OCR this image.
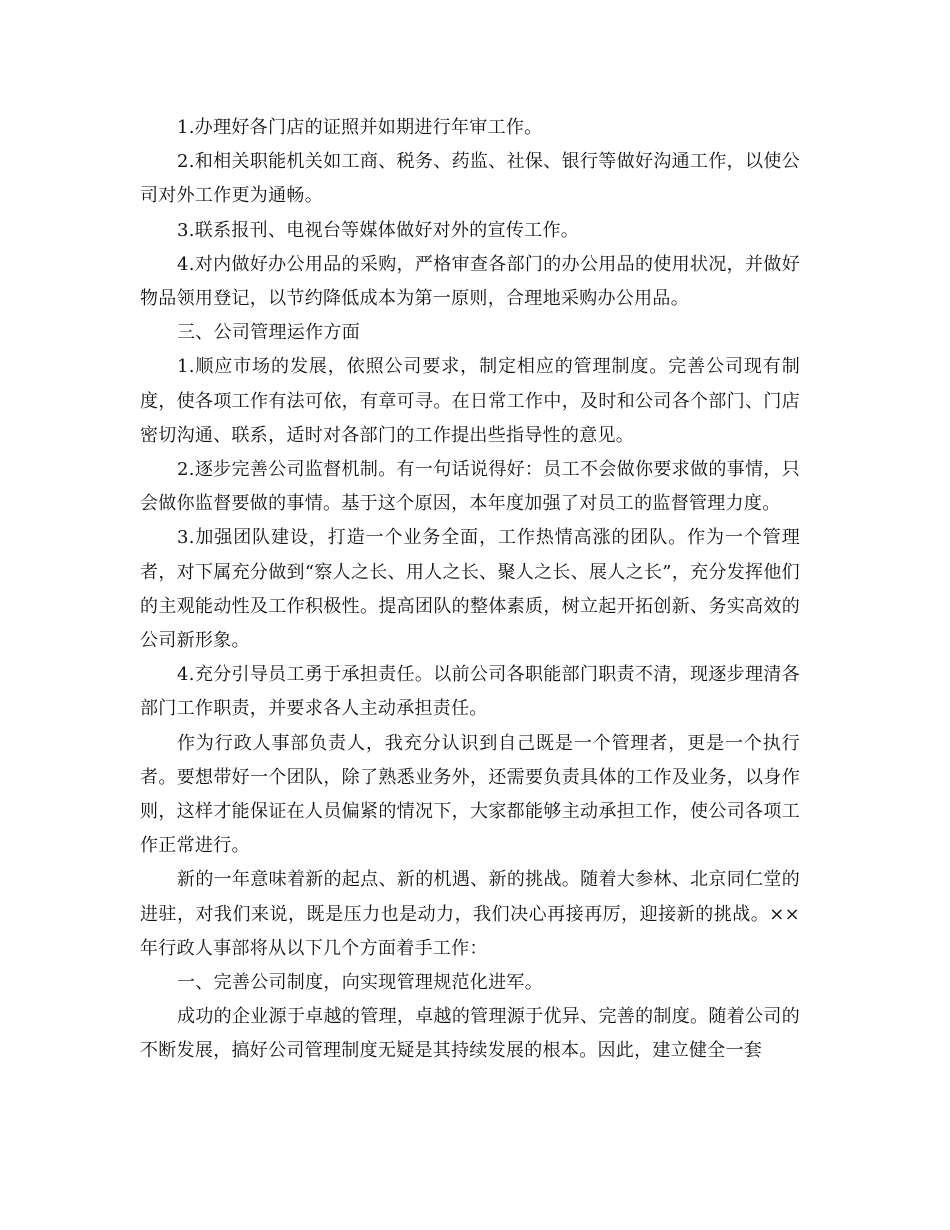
1.办理好各门店的证照并如期进行年审工作。

2.和相关职能机关如工商、税务、药监、社保、银行等做好沟通工作，以使公司对外工作更为通畅。

3.联系报刊、电视台等媒体做好对外的宣传工作。

4.对内做好办公用品的采购，严格审查各部门的办公用品的使用状况，并做好物品领用登记，以节约降低成本为第一原则，合理地采购办公用品。

三、公司管理运作方面

1.顺应市场的发展，依照公司要求，制定相应的管理制度。完善公司现有制度，使各项工作有法可依，有章可寻。在日常工作中，及时和公司各个部门、门店密切沟通、联系，适时对各部门的工作提出些指导性的意见。

2.逐步完善公司监督机制。有一句话说得好：员工不会做你要求做的事情，只会做你监督要做的事情。基于这个原因，本年度加强了对员工的监督管理力度。

3.加强团队建设，打造一个业务全面，工作热情高涨的团队。作为一个管理者，对下属充分做到“察人之长、用人之长、聚人之长、展人之长”，充分发挥他们的主观能动性及工作积极性。提高团队的整体素质，树立起开拓创新、务实高效的公司新形象。

4.充分引导员工勇于承担责任。以前公司各职能部门职责不清，现逐步理清各部门工作职责，并要求各人主动承担责任。

作为行政人事部负责人，我充分认识到自己既是一个管理者，更是一个执行者。要想带好一个团队，除了熟悉业务外，还需要负责具体的工作及业务，以身作则，这样才能保证在人员偏紧的情况下，大家都能够主动承担工作，使公司各项工作正常进行。

新的一年意味着新的起点、新的机遇、新的挑战。随着大参林、北京同仁堂的进驻，对我们来说，既是压力也是动力，我们决心再接再厉，迎接新的挑战。××年行政人事部将从以下几个方面着手工作：

一、完善公司制度，向实现管理规范化进军。

成功的企业源于卓越的管理，卓越的管理源于优异、完善的制度。随着公司的不断发展，搞好公司管理制度无疑是其持续发展的根本。因此，建立健全一套
